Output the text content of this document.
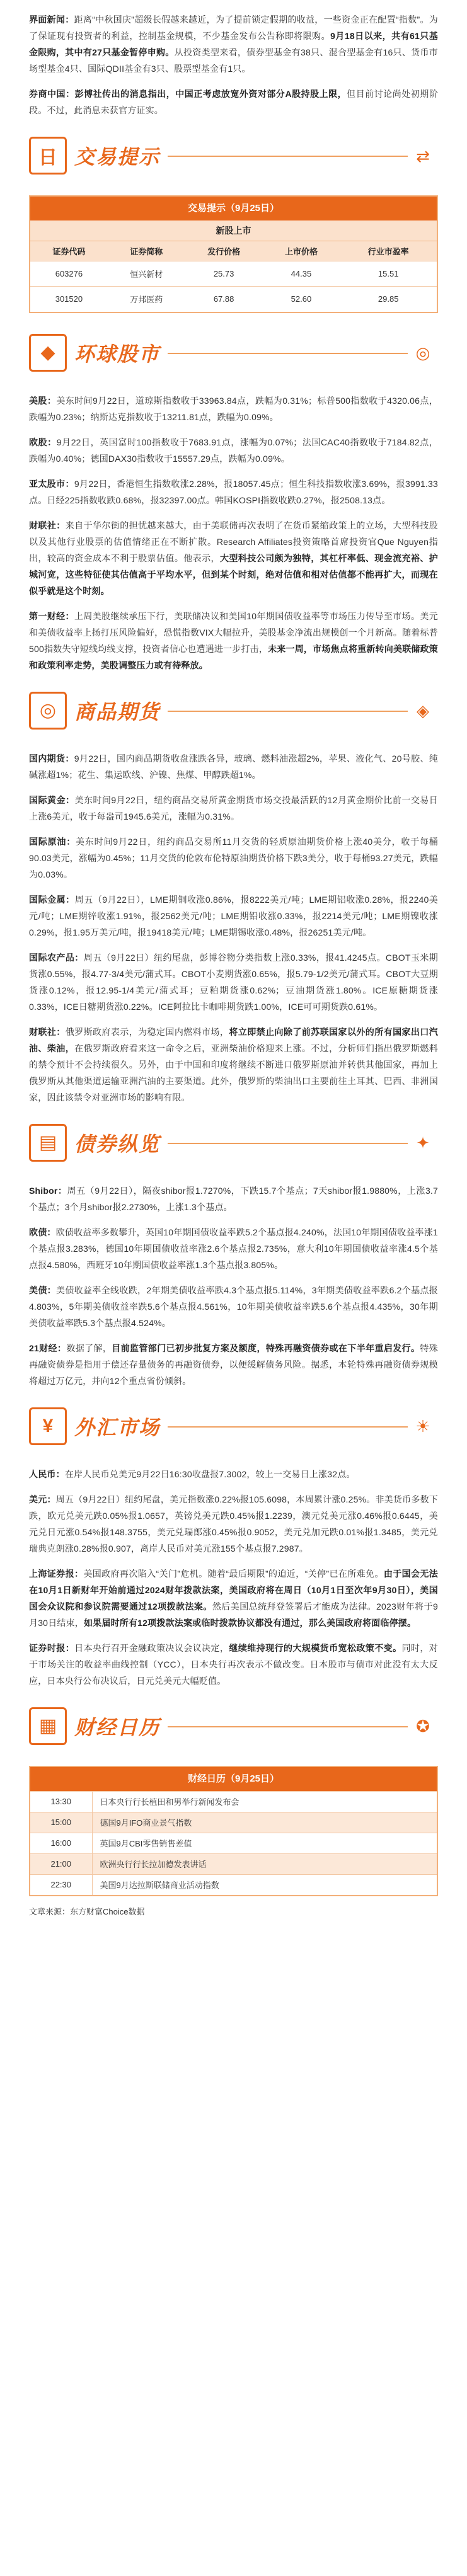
界面新闻：距离“中秋国庆”超级长假越来越近，为了提前锁定假期的收益，一些资金正在配置“指数”。为了保证现有投资者的利益，控制基金规模，不少基金发布公告称即将限购。9月18日以来，共有61只基金限购，其中有27只基金暂停申购。从投资类型来看，债券型基金有38只、混合型基金有16只、货币市场型基金4只、国际QDII基金有3只、股票型基金有1只。

券商中国：彭博社传出的消息指出，中国正考虑放宽外资对部分A股持股上限，但目前讨论尚处初期阶段。不过，此消息未获官方证实。

日 交易提示	⇄
交易提示（9月25日）
新股上市
证券代码	证券简称	发行价格	上市价格	行业市盈率
603276	恒兴新材	25.73	44.35	15.51
301520	万邦医药	67.88	52.60	29.85
◆ 环球股市	◎

美股：美东时间9月22日，道琼斯指数收于33963.84点，跌幅为0.31%；标普500指数收于4320.06点，跌幅为0.23%；纳斯达克指数收于13211.81点，跌幅为0.09%。

欧股：9月22日，英国富时100指数收于7683.91点，涨幅为0.07%；法国CAC40指数收于7184.82点，跌幅为0.40%；德国DAX30指数收于15557.29点，跌幅为0.09%。

亚太股市：9月22日，香港恒生指数收涨2.28%，报18057.45点；恒生科技指数收涨3.69%，报3991.33点。日经225指数收跌0.68%，报32397.00点。韩国KOSPI指数收跌0.27%，报2508.13点。

财联社：来自于华尔街的担忧越来越大，由于美联储再次表明了在货币紧缩政策上的立场，大型科技股以及其他行业股票的估值情绪正在不断扩散。Research Affiliates投资策略首席投资官Que Nguyen指出，较高的资金成本不利于股票估值。他表示，大型科技公司颇为独特，其杠杆率低、现金流充裕、护城河宽，这些特征使其估值高于平均水平，但到某个时刻，绝对估值和相对估值都不能再扩大，而现在似乎就是这个时刻。

第一财经：上周美股继续承压下行，美联储决议和美国10年期国债收益率等市场压力传导至市场。美元和美债收益率上扬打压风险偏好，恐慌指数VIX大幅拉升，美股基金净流出规模创一个月新高。随着标普500指数失守短线均线支撑，投资者信心也遭遇进一步打击，未来一周，市场焦点将重新转向美联储政策和政策利率走势，美股调整压力或有待释放。

◎ 商品期货	◈

国内期货：9月22日，国内商品期货收盘涨跌各异，玻璃、燃料油涨超2%，苹果、液化气、20号胶、纯碱涨超1%；花生、集运欧线、沪镍、焦煤、甲醇跌超1%。

国际黄金：美东时间9月22日，纽约商品交易所黄金期货市场交投最活跃的12月黄金期价比前一交易日上涨6美元，收于每盎司1945.6美元，涨幅为0.31%。

国际原油：美东时间9月22日，纽约商品交易所11月交货的轻质原油期货价格上涨40美分，收于每桶90.03美元，涨幅为0.45%；11月交货的伦敦布伦特原油期货价格下跌3美分，收于每桶93.27美元，跌幅为0.03%。

国际金属：周五（9月22日），LME期铜收涨0.86%，报8222美元/吨；LME期铝收涨0.28%，报2240美元/吨；LME期锌收涨1.91%，报2562美元/吨；LME期铅收涨0.33%，报2214美元/吨；LME期镍收涨0.29%，报1.95万美元/吨，报19418美元/吨；LME期锡收涨0.48%，报26251美元/吨。

国际农产品：周五（9月22日）纽约尾盘，彭博谷物分类指数上涨0.33%，报41.4245点。CBOT玉米期货涨0.55%，报4.77-3/4美元/蒲式耳。CBOT小麦期货涨0.65%，报5.79-1/2美元/蒲式耳。CBOT大豆期货涨0.12%，报12.95-1/4美元/蒲式耳；豆粕期货涨0.62%；豆油期货涨1.80%。ICE原糖期货涨0.33%，ICE日糖期货涨0.22%。ICE阿拉比卡咖啡期货跌1.00%，ICE可可期货跌0.61%。

财联社：俄罗斯政府表示，为稳定国内燃料市场，将立即禁止向除了前苏联国家以外的所有国家出口汽油、柴油，在俄罗斯政府看来这一命令之后，亚洲柴油价格迎来上涨。不过，分析师们指出俄罗斯燃料的禁令预计不会持续很久。另外，由于中国和印度将继续不断进口俄罗斯原油并转供其他国家，再加上俄罗斯从其他渠道运输亚洲汽油的主要渠道。此外，俄罗斯的柴油出口主要前往土耳其、巴西、非洲国家，因此该禁令对亚洲市场的影响有限。

▤ 债券纵览	✦

Shibor：周五（9月22日），隔夜shibor报1.7270%，下跌15.7个基点；7天shibor报1.9880%，上涨3.7个基点；3个月shibor报2.2730%，上涨1.3个基点。

欧债：欧债收益率多数攀升，英国10年期国债收益率跌5.2个基点报4.240%，法国10年期国债收益率涨1个基点报3.283%，德国10年期国债收益率涨2.6个基点报2.735%，意大利10年期国债收益率涨4.5个基点报4.580%，西班牙10年期国债收益率涨1.3个基点报3.805%。

美债：美债收益率全线收跌，2年期美债收益率跌4.3个基点报5.114%，3年期美债收益率跌6.2个基点报4.803%，5年期美债收益率跌5.6个基点报4.561%，10年期美债收益率跌5.6个基点报4.435%，30年期美债收益率跌5.3个基点报4.524%。

21财经：数据了解，目前监管部门已初步批复方案及额度，特殊再融资债券或在下半年重启发行。特殊再融资债券是指用于偿还存量债务的再融资债券，以便缓解债务风险。据悉，本轮特殊再融资债券规模将超过万亿元，并向12个重点省份倾斜。

¥	外汇市场	☀

人民币：在岸人民币兑美元9月22日16:30收盘报7.3002，较上一交易日上涨32点。

美元：周五（9月22日）纽约尾盘，美元指数涨0.22%报105.6098，本周累计涨0.25%。非美货币多数下跌，欧元兑美元跌0.05%报1.0657，英镑兑美元跌0.45%报1.2239，澳元兑美元涨0.46%报0.6445，美元兑日元涨0.54%报148.3755，美元兑瑞郎涨0.45%报0.9052，美元兑加元跌0.01%报1.3485，美元兑瑞典克朗涨0.28%报0.907，离岸人民币对美元涨155个基点报7.2987。

上海证券报：美国政府再次陷入“关门”危机。随着“最后期限”的迫近，“关停”已在所难免。由于国会无法在10月1日新财年开始前通过2024财年拨款法案，美国政府将在周日（10月1日至次年9月30日），美国国会众议院和参议院需要通过12项拨款法案。然后美国总统拜登签署后才能成为法律。2023财年将于9月30日结束，如果届时所有12项拨款法案或临时拨款协议都没有通过，那么美国政府将面临停摆。

证券时报：日本央行召开金融政策决议会议决定，继续维持现行的大规模货币宽松政策不变。同时，对于市场关注的收益率曲线控制（YCC），日本央行再次表示不做改变。日本股市与债市对此没有太大反应，日本央行公布决议后，日元兑美元大幅贬值。

▦ 财经日历	✪
财经日历（9月25日）
13:30	日本央行行长植田和男举行新闻发布会
15:00	德国9月IFO商业景气指数
16:00	英国9月CBI零售销售差值
21:00	欧洲央行行长拉加德发表讲话
22:30	美国9月达拉斯联储商业活动指数
文章来源：东方财富Choice数据
